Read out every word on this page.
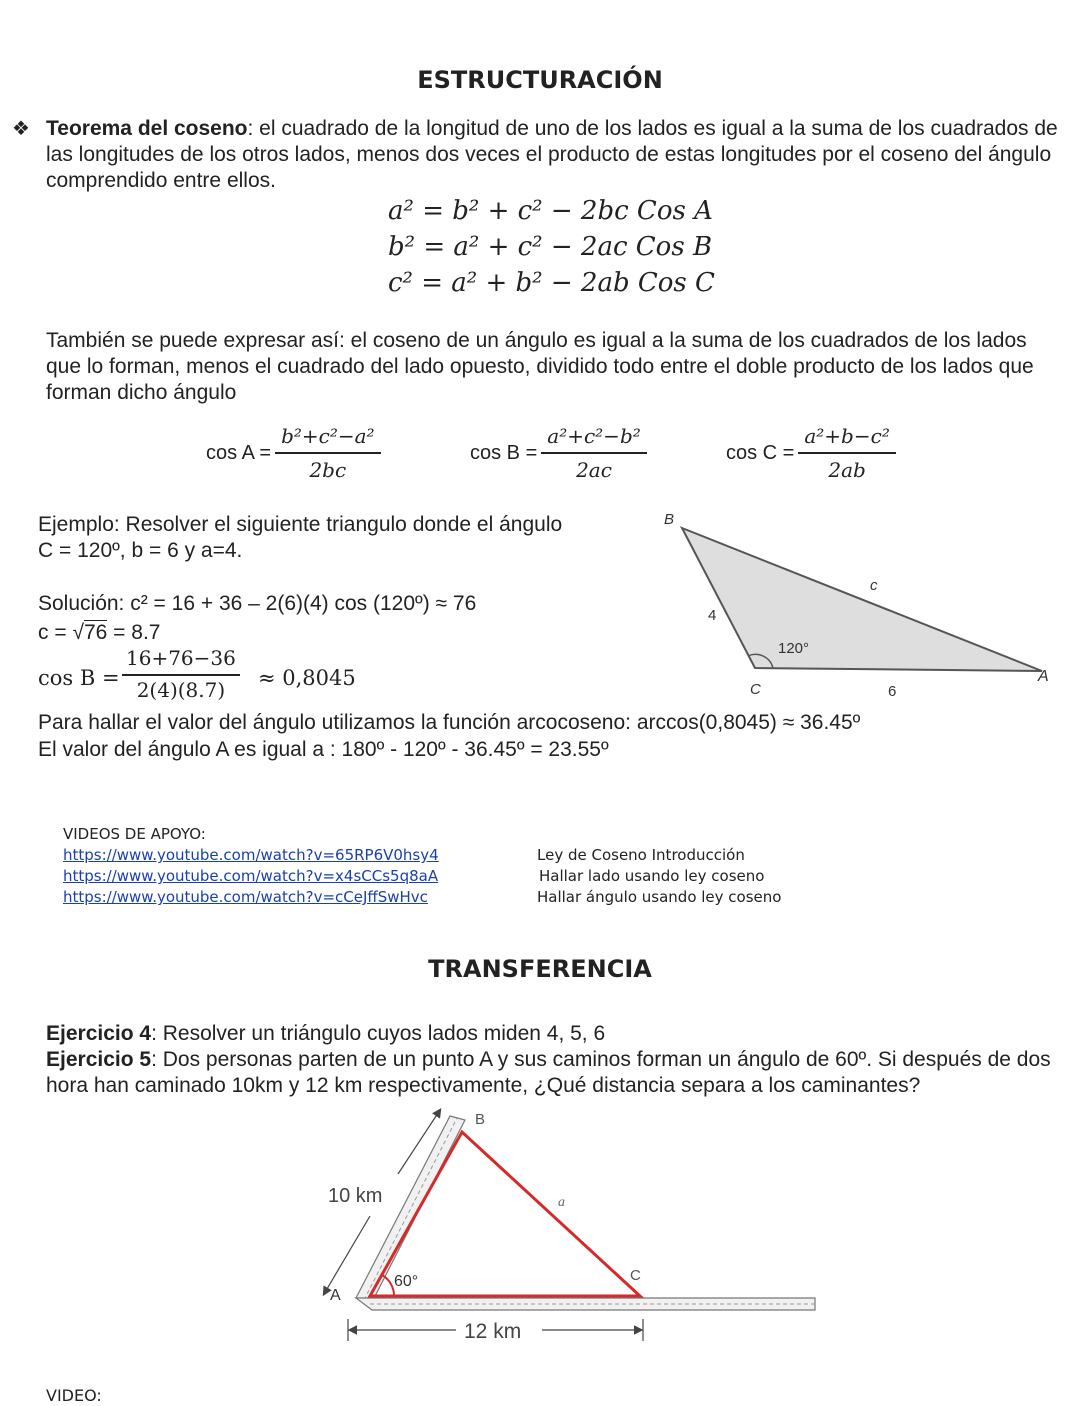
ESTRUCTURACIÓN
❖ Teorema del coseno: el cuadrado de la longitud de uno de los lados es igual a la suma de los cuadrados de las longitudes de los otros lados, menos dos veces el producto de estas longitudes por el coseno del ángulo comprendido entre ellos.
a² = b² + c² − 2bc Cos A
b² = a² + c² − 2ac Cos B
c² = a² + b² − 2ab Cos C
También se puede expresar así: el coseno de un ángulo es igual a la suma de los cuadrados de los lados que lo forman, menos el cuadrado del lado opuesto, dividido todo entre el doble producto de los lados que forman dicho ángulo
$\cos A = \frac{\text{b²+c²−a²}}{2bc}$	$\cos B = \frac{\text{a²+c²−b²}}{2ac}$	$\cos C = \frac{\text{a²+b−c²}}{2ab}$
Ejemplo: Resolver el siguiente triangulo donde el ángulo
C = 120º, b = 6 y a=4.
Solución: c² = 16 + 36 – 2(6)(4) cos (120º) ≈ 76
c = √76 = 8.7
$\cos B = \frac{16+76-36}{2(4)(8.7)} \approx 0,8045$
Para hallar el valor del ángulo utilizamos la función arcocoseno: arccos(0,8045) ≈ 36.45º
El valor del ángulo A es igual a : 180º - 120º - 36.45º = 23.55º
B
C
A
4
6
c
120°
VIDEOS DE APOYO:
https://www.youtube.com/watch?v=65RP6V0hsy4
https://www.youtube.com/watch?v=x4sCCs5q8aA
https://www.youtube.com/watch?v=cCeJffSwHvc
Ley de Coseno Introducción
Hallar lado usando ley coseno
Hallar ángulo usando ley coseno
TRANSFERENCIA
Ejercicio 4: Resolver un triángulo cuyos lados miden 4, 5, 6
Ejercicio 5: Dos personas parten de un punto A y sus caminos forman un ángulo de 60º. Si después de dos hora han caminado 10km y 12 km respectivamente, ¿Qué distancia separa a los caminantes?
A
B
C
a
10 km
12 km
60°
VIDEO:
